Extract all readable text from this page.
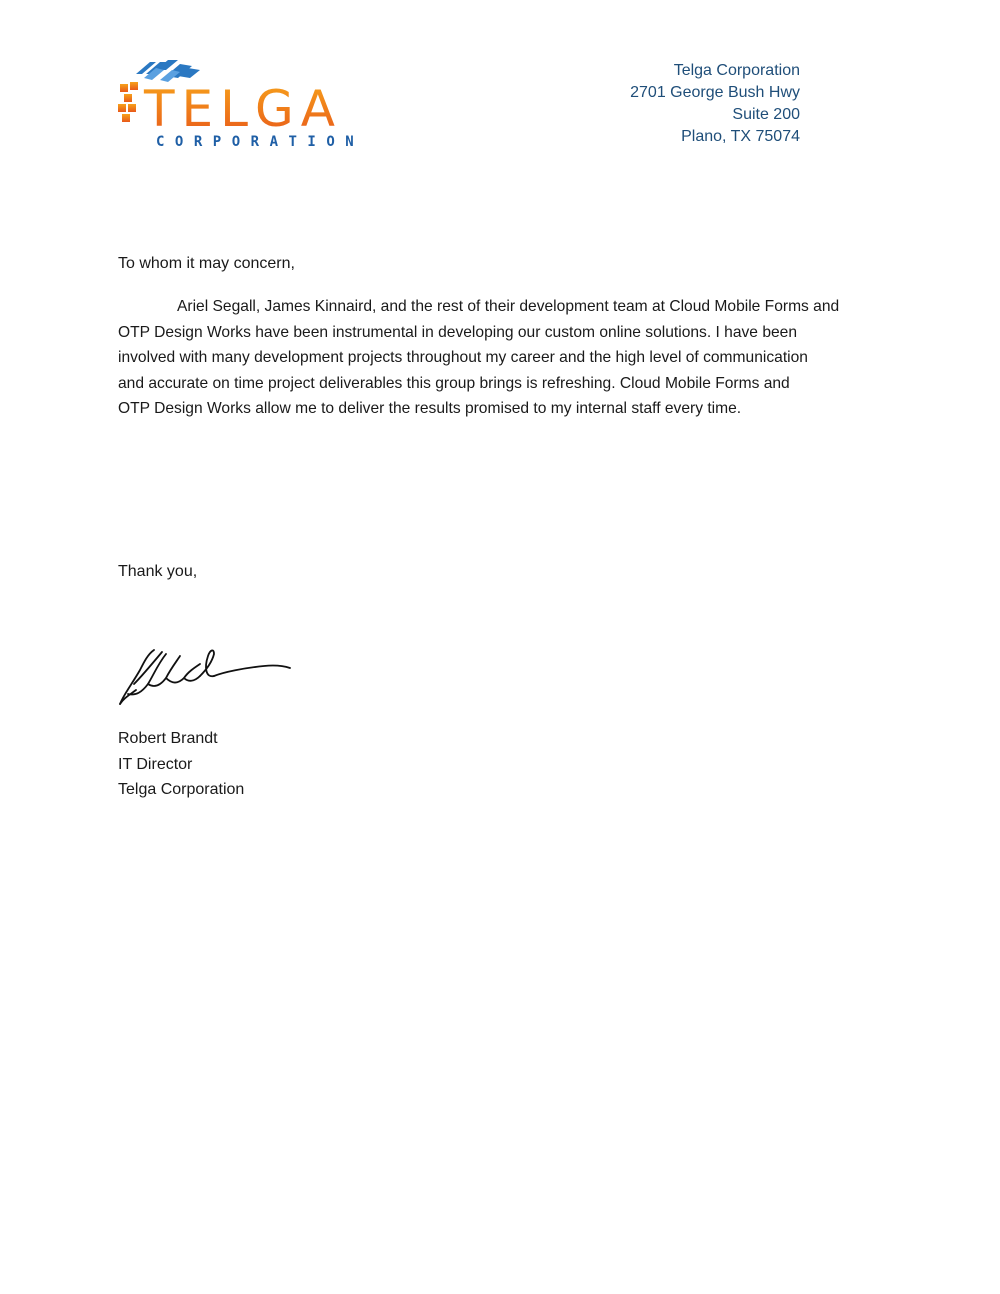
TELGA
CORPORATION
Telga Corporation
2701 George Bush Hwy
Suite 200
Plano, TX 75074
To whom it may concern,

Ariel Segall, James Kinnaird, and the rest of their development team at Cloud Mobile Forms and
OTP Design Works have been instrumental in developing our custom online solutions. I have been
involved with many development projects throughout my career and the high level of communication
and accurate on time project deliverables this group brings is refreshing. Cloud Mobile Forms and
OTP Design Works allow me to deliver the results promised to my internal staff every time.

Thank you,
Robert Brandt
IT Director
Telga Corporation
